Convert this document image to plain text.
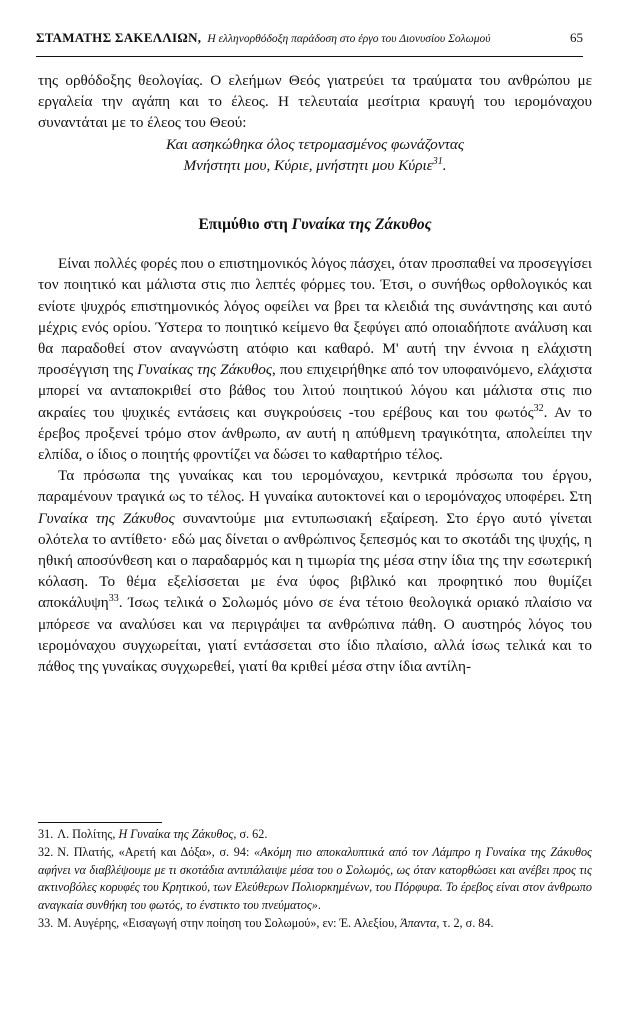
ΣΤΑΜΑΤΗΣ ΣΑΚΕΛΛΙΩΝ, Η ελληνορθόδοξη παράδοση στο έργο του Διονυσίου Σολωμού	65

της ορθόδοξης θεολογίας. Ο ελεήμων Θεός γιατρεύει τα τραύματα του ανθρώπου με εργαλεία την αγάπη και το έλεος. Η τελευταία μεσίτρια κραυγή του ιερομόναχου συναντάται με το έλεος του Θεού:

Και ασηκώθηκα όλος τετρομασμένος φωνάζοντας

Μνήστητι μου, Κύριε, μνήστητι μου Κύριε$^{31}$.

Επιμύθιο στη Γυναίκα της Ζάκυθος

Είναι πολλές φορές που ο επιστημονικός λόγος πάσχει, όταν προσπαθεί να προσεγγίσει τον ποιητικό και μάλιστα στις πιο λεπτές φόρμες του. Έτσι, ο συνήθως ορθολογικός και ενίοτε ψυχρός επιστημονικός λόγος οφείλει να βρει τα κλειδιά της συνάντησης και αυτό μέχρις ενός ορίου. Ύστερα το ποιητικό κείμενο θα ξεφύγει από οποιαδήποτε ανάλυση και θα παραδοθεί στον αναγνώστη ατόφιο και καθαρό. Μ' αυτή την έννοια η ελάχιστη προσέγγιση της Γυναίκας της Ζάκυθος, που επιχειρήθηκε από τον υποφαινόμενο, ελάχιστα μπορεί να ανταποκριθεί στο βάθος του λιτού ποιητικού λόγου και μάλιστα στις πιο ακραίες του ψυχικές εντάσεις και συγκρούσεις -του ερέβους και του φωτός$^{32}$. Αν το έρεβος προξενεί τρόμο στον άνθρωπο, αν αυτή η απύθμενη τραγικότητα, απολείπει την ελπίδα, ο ίδιος ο ποιητής φροντίζει να δώσει το καθαρτήριο τέλος.

Τα πρόσωπα της γυναίκας και του ιερομόναχου, κεντρικά πρόσωπα του έργου, παραμένουν τραγικά ως το τέλος. Η γυναίκα αυτοκτονεί και ο ιερομόναχος υποφέρει. Στη Γυναίκα της Ζάκυθος συναντούμε μια εντυπωσιακή εξαίρεση. Στο έργο αυτό γίνεται ολότελα το αντίθετο· εδώ μας δίνεται ο ανθρώπινος ξεπεσμός και το σκοτάδι της ψυχής, η ηθική αποσύνθεση και ο παραδαρμός και η τιμωρία της μέσα στην ίδια της την εσωτερική κόλαση. Το θέμα εξελίσσεται με ένα ύφος βιβλικό και προφητικό που θυμίζει αποκάλυψη$^{33}$. Ίσως τελικά ο Σολωμός μόνο σε ένα τέτοιο θεολογικά οριακό πλαίσιο να μπόρεσε να αναλύσει και να περιγράψει τα ανθρώπινα πάθη. Ο αυστηρός λόγος του ιερομόναχου συγχωρείται, γιατί εντάσσεται στο ίδιο πλαίσιο, αλλά ίσως τελικά και το πάθος της γυναίκας συγχωρεθεί, γιατί θα κριθεί μέσα στην ίδια αντίλη-

31. Λ. Πολίτης, Η Γυναίκα της Ζάκυθος, σ. 62.

32. Ν. Πλατής, «Αρετή και Δόξα», σ. 94: «Ακόμη πιο αποκαλυπτικά από τον Λάμπρο η Γυναίκα της Ζάκυθος αφήνει να διαβλέψουμε με τι σκοτάδια αντιπάλαιψε μέσα του ο Σολωμός, ως όταν κατορθώσει και ανέβει προς τις ακτινοβόλες κορυφές του Κρητικού, των Ελεύθερων Πολιορκημένων, του Πόρφυρα. Το έρεβος είναι στον άνθρωπο αναγκαία συνθήκη του φωτός, το ένστικτο του πνεύματος».

33. Μ. Αυγέρης, «Εισαγωγή στην ποίηση του Σολωμού», εν: Έ. Αλεξίου, Άπαντα, τ. 2, σ. 84.
